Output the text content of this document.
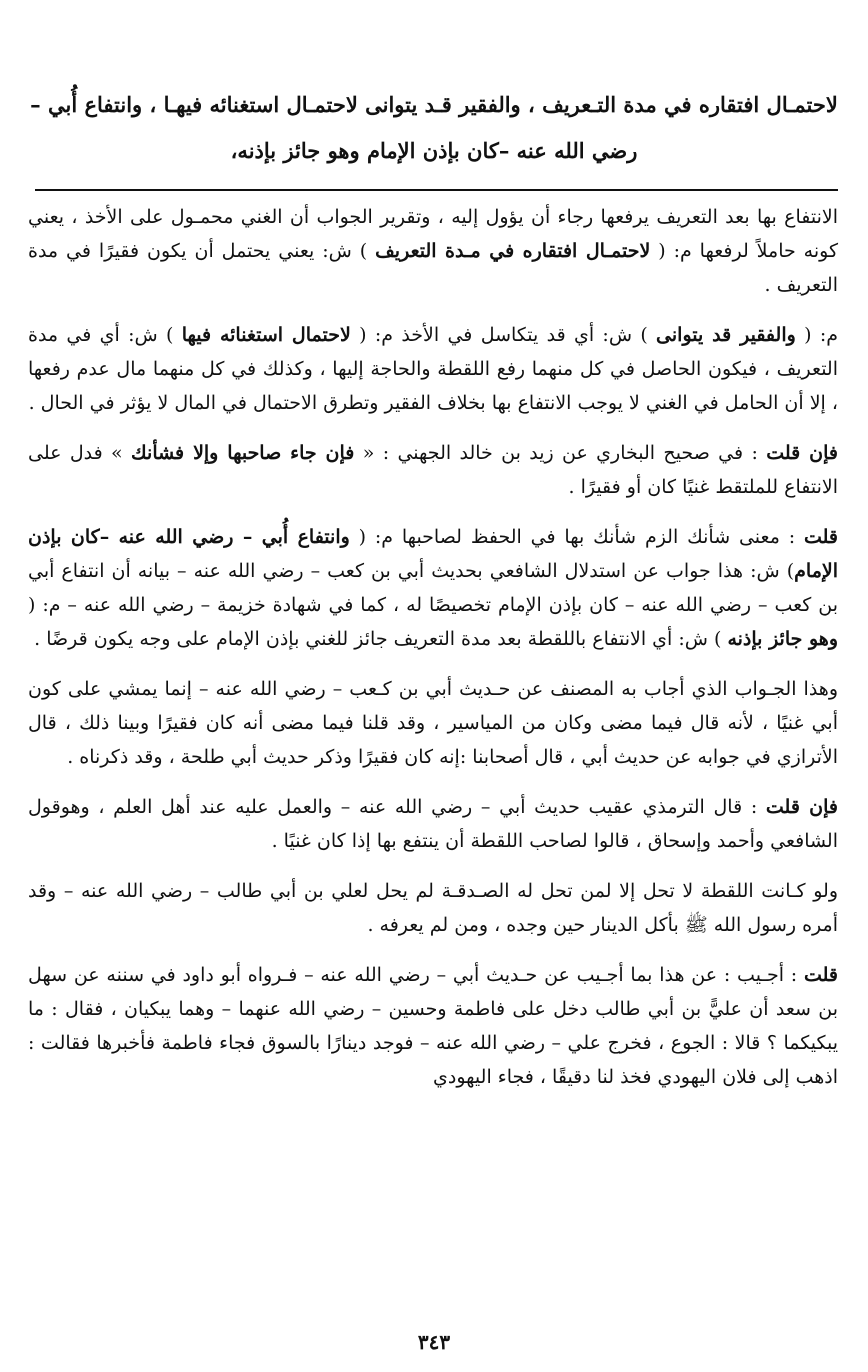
لاحتمـال افتقاره في مدة التـعريف ، والفقير قـد يتوانى لاحتمـال استغنائه فيهـا ، وانتفاع أُبي –

رضي الله عنه –كان بإذن الإمام وهو جائز بإذنه،

الانتفاع بها بعد التعريف يرفعها رجاء أن يؤول إليه ، وتقرير الجواب أن الغني محمـول على الأخذ ، يعني كونه حاملاً لرفعها م: ( لاحتمـال افتقاره في مـدة التعريف ) ش: يعني يحتمل أن يكون فقيرًا في مدة التعريف .

م: ( والفقير قد يتوانى ) ش: أي قد يتكاسل في الأخذ م: ( لاحتمال استغنائه فيها ) ش: أي في مدة التعريف ، فيكون الحاصل في كل منهما رفع اللقطة والحاجة إليها ، وكذلك في كل منهما مال عدم رفعها ، إلا أن الحامل في الغني لا يوجب الانتفاع بها بخلاف الفقير وتطرق الاحتمال في المال لا يؤثر في الحال .

فإن قلت : في صحيح البخاري عن زيد بن خالد الجهني : « فإن جاء صاحبها وإلا فشأنك » فدل على الانتفاع للملتقط غنيًا كان أو فقيرًا .

قلت : معنى شأنك الزم شأنك بها في الحفظ لصاحبها م: ( وانتفاع أُبي – رضي الله عنه –كان بإذن الإمام) ش: هذا جواب عن استدلال الشافعي بحديث أبي بن كعب – رضي الله عنه – بيانه أن انتفاع أبي بن كعب – رضي الله عنه – كان بإذن الإمام تخصيصًا له ، كما في شهادة خزيمة – رضي الله عنه – م: ( وهو جائز بإذنه ) ش: أي الانتفاع باللقطة بعد مدة التعريف جائز للغني بإذن الإمام على وجه يكون قرضًا .

وهذا الجـواب الذي أجاب به المصنف عن حـديث أبي بن كـعب – رضي الله عنه – إنما يمشي على كون أبي غنيًا ، لأنه قال فيما مضى وكان من المياسير ، وقد قلنا فيما مضى أنه كان فقيرًا وبينا ذلك ، قال الأترازي في جوابه عن حديث أبي ، قال أصحابنا :إنه كان فقيرًا وذكر حديث أبي طلحة ، وقد ذكرناه .

فإن قلت : قال الترمذي عقيب حديث أبي – رضي الله عنه – والعمل عليه عند أهل العلم ، وهوقول الشافعي وأحمد وإسحاق ، قالوا لصاحب اللقطة أن ينتفع بها إذا كان غنيًا .

ولو كـانت اللقطة لا تحل إلا لمن تحل له الصـدقـة لم يحل لعلي بن أبي طالب – رضي الله عنه – وقد أمره رسول الله ﷺ بأكل الدينار حين وجده ، ومن لم يعرفه .

قلت : أجـيب : عن هذا بما أجـيب عن حـديث أبي – رضي الله عنه – فـرواه أبو داود في سننه عن سهل بن سعد أن عليًّ بن أبي طالب دخل على فاطمة وحسين – رضي الله عنهما – وهما يبكيان ، فقال : ما يبكيكما ؟ قالا : الجوع ، فخرج علي – رضي الله عنه – فوجد دينارًا بالسوق فجاء فاطمة فأخبرها فقالت : اذهب إلى فلان اليهودي فخذ لنا دقيقًا ، فجاء اليهودي

٣٤٣
